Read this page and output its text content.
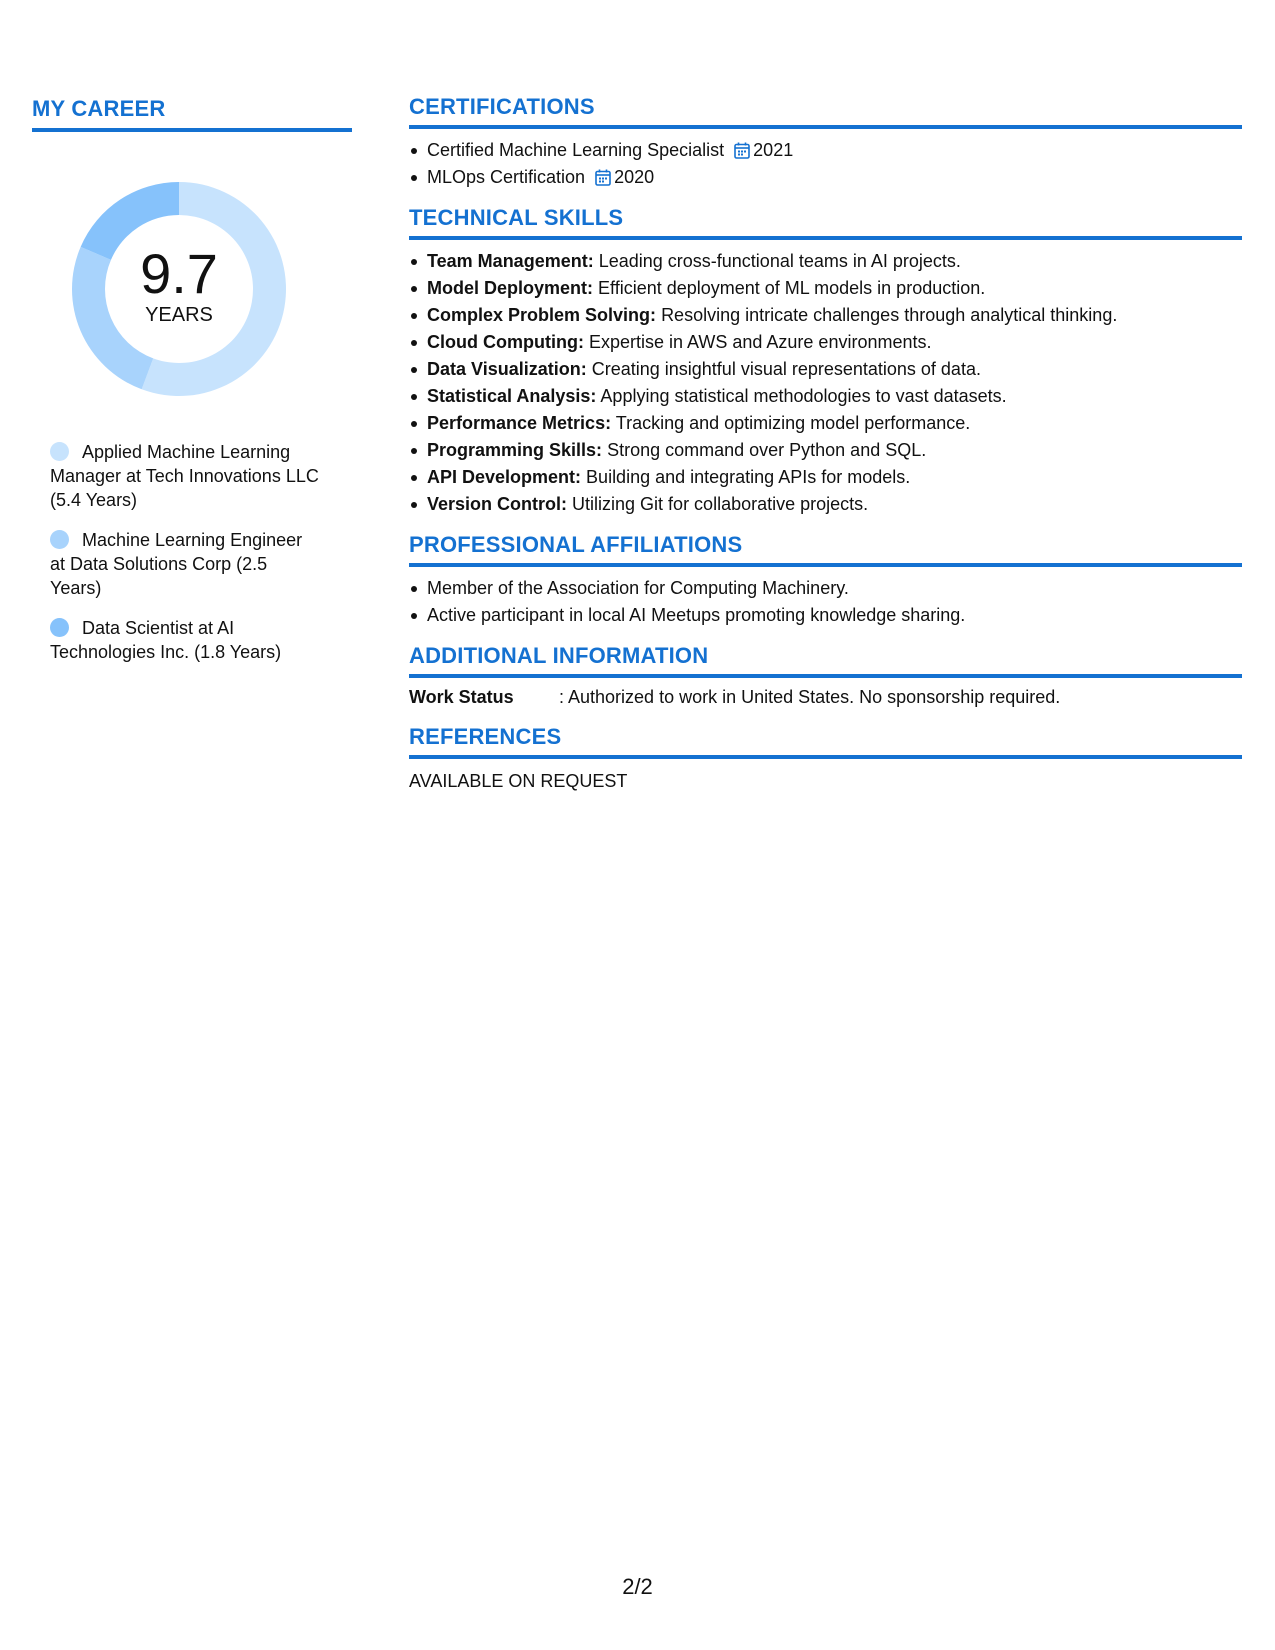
MY CAREER
9.7
YEARS
Applied Machine Learning Manager at Tech Innovations LLC (5.4 Years)
Machine Learning Engineer at Data Solutions Corp (2.5 Years)
Data Scientist at AI Technologies Inc. (1.8 Years)
CERTIFICATIONS
Certified Machine Learning Specialist 2021
MLOps Certification 2020
TECHNICAL SKILLS
Team Management: Leading cross-functional teams in AI projects.
Model Deployment: Efficient deployment of ML models in production.
Complex Problem Solving: Resolving intricate challenges through analytical thinking.
Cloud Computing: Expertise in AWS and Azure environments.
Data Visualization: Creating insightful visual representations of data.
Statistical Analysis: Applying statistical methodologies to vast datasets.
Performance Metrics: Tracking and optimizing model performance.
Programming Skills: Strong command over Python and SQL.
API Development: Building and integrating APIs for models.
Version Control: Utilizing Git for collaborative projects.
PROFESSIONAL AFFILIATIONS
Member of the Association for Computing Machinery.
Active participant in local AI Meetups promoting knowledge sharing.
ADDITIONAL INFORMATION
Work Status	: Authorized to work in United States. No sponsorship required.
REFERENCES
AVAILABLE ON REQUEST
2/2
